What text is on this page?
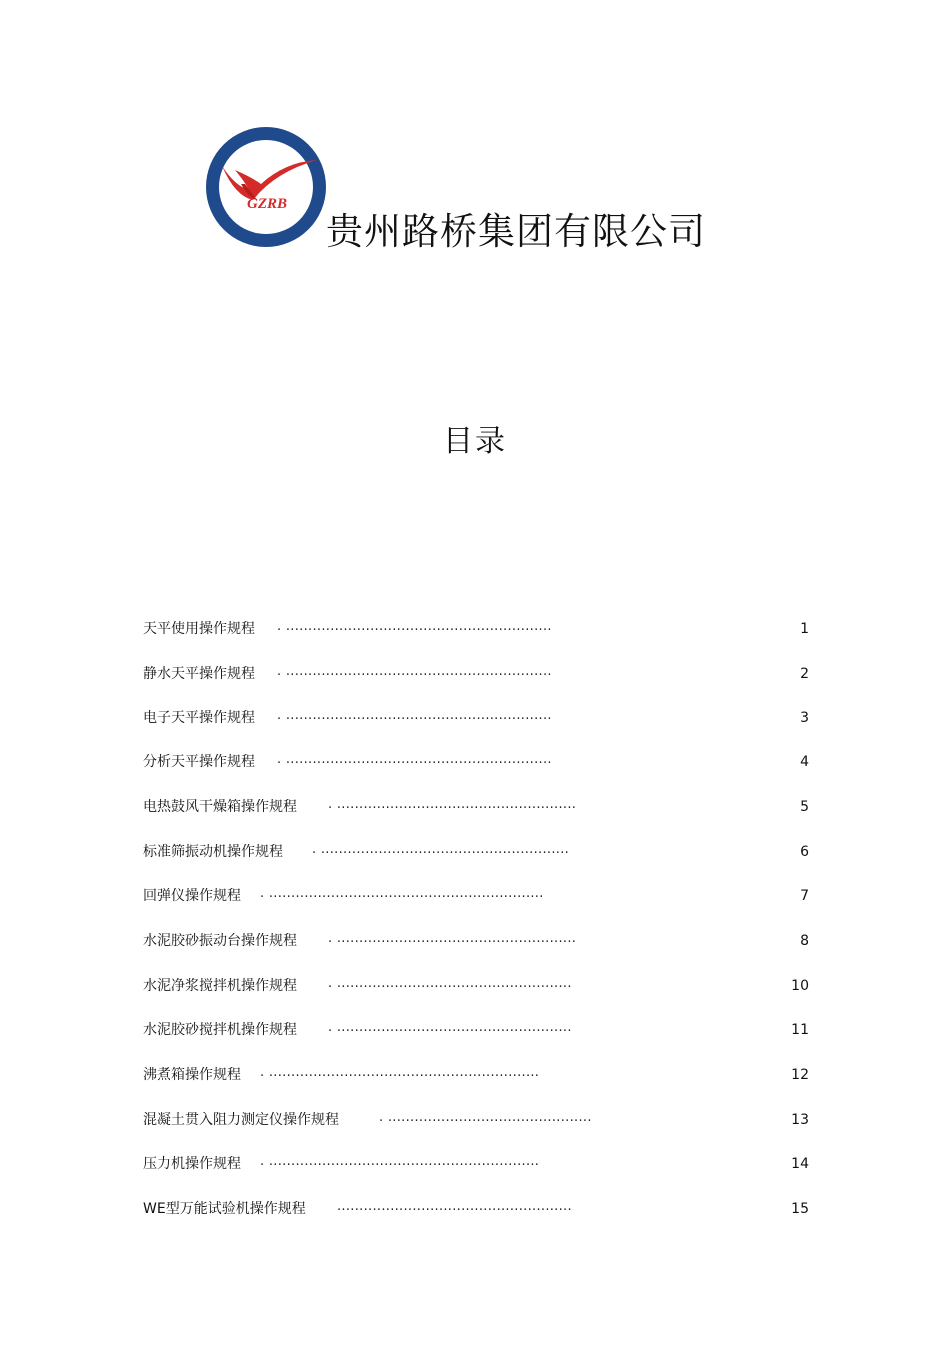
GZRB
贵州路桥集团有限公司
目录
天平使用操作规程 . ............................................................	1
静水天平操作规程 . ............................................................	2
电子天平操作规程 . ............................................................	3
分析天平操作规程 . ............................................................	4
电热鼓风干燥箱操作规程 . ......................................................	5
标准筛振动机操作规程 . ........................................................	6
回弹仪操作规程 . ..............................................................	7
水泥胶砂振动台操作规程 . ......................................................	8
水泥净浆搅拌机操作规程 . .....................................................	10
水泥胶砂搅拌机操作规程 . .....................................................	11
沸煮箱操作规程 . .............................................................	12
混凝土贯入阻力测定仪操作规程	. ..............................................	13
压力机操作规程 . .............................................................	14
WE型万能试验机操作规程 .....................................................	15
